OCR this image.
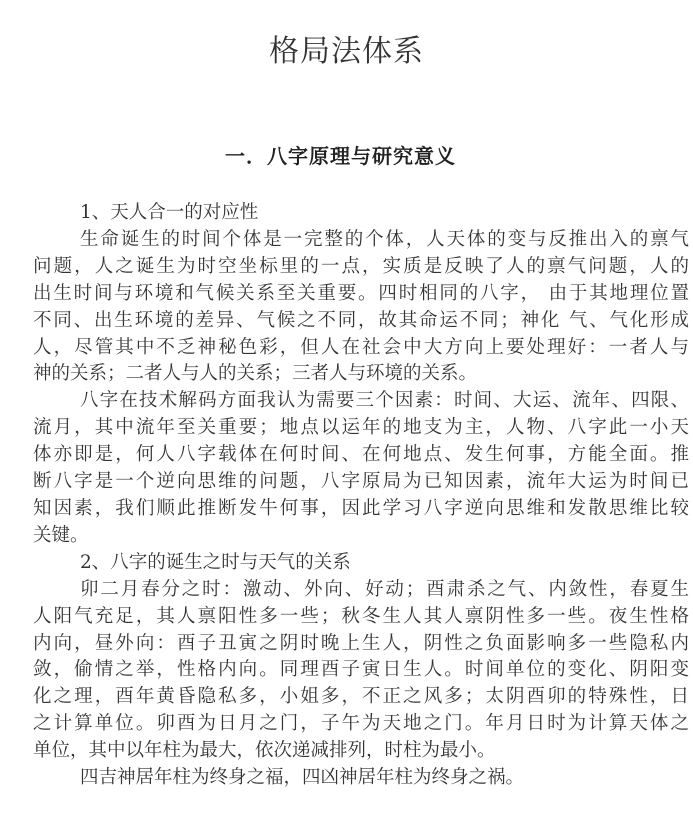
格局法体系
一．八字原理与研究意义

1、天人合一的对应性

生命诞生的时间个体是一完整的个体，人天体的变与反推出入的禀气
问题，人之诞生为时空坐标里的一点，实质是反映了人的禀气问题，人的
出生时间与环境和气候关系至关重要。四时相同的八字， 由于其地理位置
不同、出生环境的差异、气候之不同，故其命运不同；神化 气、气化形成
人，尽管其中不乏神秘色彩，但人在社会中大方向上要处理好：一者人与
神的关系；二者人与人的关系；三者人与环境的关系。

八字在技术解码方面我认为需要三个因素：时间、大运、流年、四限、
流月，其中流年至关重要；地点以运年的地支为主，人物、八字此一小天
体亦即是，何人八字载体在何时间、在何地点、发生何事，方能全面。推
断八字是一个逆向思维的问题，八字原局为已知因素，流年大运为时间已
知因素，我们顺此推断发牛何事，因此学习八字逆向思维和发散思维比较
关键。

2、八字的诞生之时与天气的关系

卯二月春分之时：激动、外向、好动；酉肃杀之气、内敛性，春夏生
人阳气充足，其人禀阳性多一些；秋冬生人其人禀阴性多一些。夜生性格
内向，昼外向：酉子丑寅之阴时晚上生人，阴性之负面影响多一些隐私内
敛，偷情之举，性格内向。同理酉子寅日生人。时间单位的变化、阴阳变
化之理，酉年黄昏隐私多，小姐多，不正之风多；太阴酉卯的特殊性，日
之计算单位。卯酉为日月之门，子午为天地之门。年月日时为计算天体之
单位，其中以年柱为最大，依次递减排列，时柱为最小。

四吉神居年柱为终身之福，四凶神居年柱为终身之祸。
